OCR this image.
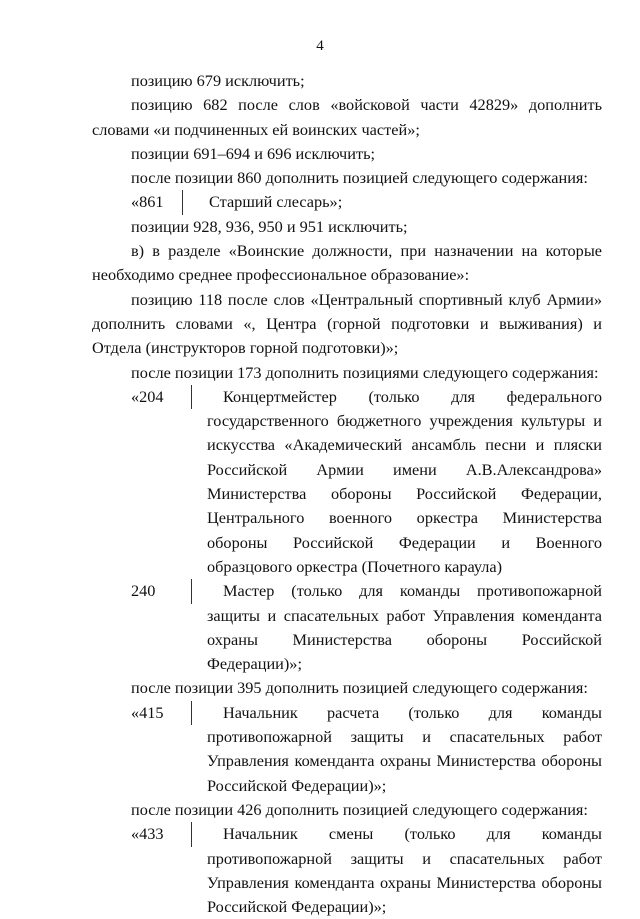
4

позицию 679 исключить;

позицию 682 после слов «войсковой части 42829» дополнить словами «и подчиненных ей воинских частей»;

позиции 691–694 и 696 исключить;

после позиции 860 дополнить позицией следующего содержания:

«861	Старший слесарь»;

позиции 928, 936, 950 и 951 исключить;

в) в разделе «Воинские должности, при назначении на которые необходимо среднее профессиональное образование»:

позицию 118 после слов «Центральный спортивный клуб Армии» дополнить словами «, Центра (горной подготовки и выживания) и Отдела (инструкторов горной подготовки)»;

после позиции 173 дополнить позициями следующего содержания:

«204	Концертмейстер (только для федерального государственного бюджетного учреждения культуры и искусства «Академический ансамбль песни и пляски Российской Армии имени А.В.Александрова» Министерства обороны Российской Федерации, Центрального военного оркестра Министерства обороны Российской Федерации и Военного образцового оркестра (Почетного караула)
240	Мастер (только для команды противопожарной защиты и спасательных работ Управления коменданта охраны Министерства обороны Российской Федерации)»;

после позиции 395 дополнить позицией следующего содержания:

«415	Начальник расчета (только для команды противопожарной защиты и спасательных работ Управления коменданта охраны Министерства обороны Российской Федерации)»;

после позиции 426 дополнить позицией следующего содержания:

«433	Начальник смены (только для команды противопожарной защиты и спасательных работ Управления коменданта охраны Министерства обороны Российской Федерации)»;
